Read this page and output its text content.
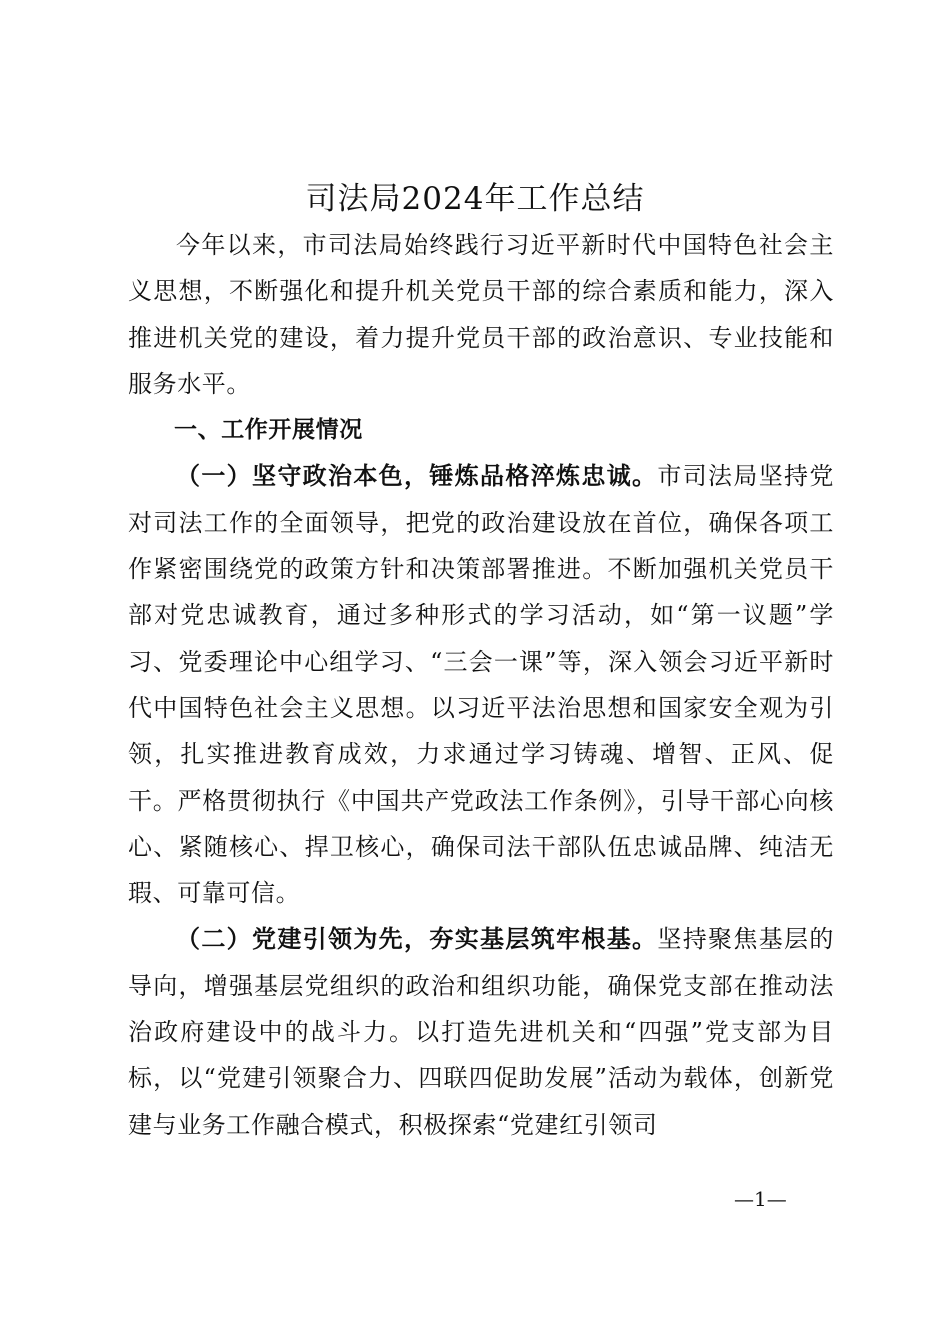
司法局2024年工作总结

今年以来，市司法局始终践行习近平新时代中国特色社会主义思想，不断强化和提升机关党员干部的综合素质和能力，深入推进机关党的建设，着力提升党员干部的政治意识、专业技能和服务水平。

一、工作开展情况

（一）坚守政治本色，锤炼品格淬炼忠诚。市司法局坚持党对司法工作的全面领导，把党的政治建设放在首位，确保各项工作紧密围绕党的政策方针和决策部署推进。不断加强机关党员干部对党忠诚教育，通过多种形式的学习活动，如“第一议题”学习、党委理论中心组学习、“三会一课”等，深入领会习近平新时代中国特色社会主义思想。以习近平法治思想和国家安全观为引领，扎实推进教育成效，力求通过学习铸魂、增智、正风、促干。严格贯彻执行《中国共产党政法工作条例》，引导干部心向核心、紧随核心、捍卫核心，确保司法干部队伍忠诚品牌、纯洁无瑕、可靠可信。

（二）党建引领为先，夯实基层筑牢根基。坚持聚焦基层的导向，增强基层党组织的政治和组织功能，确保党支部在推动法治政府建设中的战斗力。以打造先进机关和“四强”党支部为目标，以“党建引领聚合力、四联四促助发展”活动为载体，创新党建与业务工作融合模式，积极探索“党建红引领司

—1—
